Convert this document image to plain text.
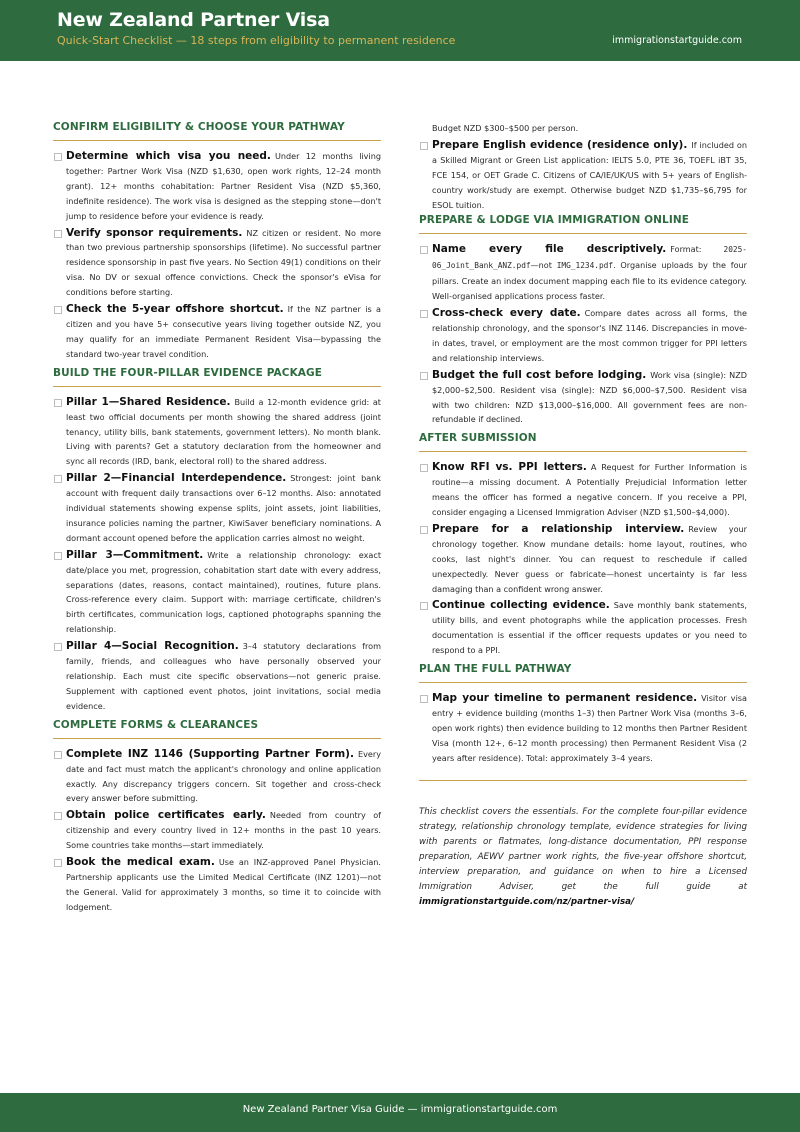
New Zealand Partner Visa
Quick-Start Checklist — 18 steps from eligibility to permanent residence	immigrationstartguide.com
CONFIRM ELIGIBILITY & CHOOSE YOUR PATHWAY
Determine which visa you need. Under 12 months living together: Partner Work Visa (NZD $1,630, open work rights, 12–24 month grant). 12+ months cohabitation: Partner Resident Visa (NZD $5,360, indefinite residence). The work visa is designed as the stepping stone—don't jump to residence before your evidence is ready.
Verify sponsor requirements. NZ citizen or resident. No more than two previous partnership sponsorships (lifetime). No successful partner residence sponsorship in past five years. No Section 49(1) conditions on their visa. No DV or sexual offence convictions. Check the sponsor's eVisa for conditions before starting.
Check the 5-year offshore shortcut. If the NZ partner is a citizen and you have 5+ consecutive years living together outside NZ, you may qualify for an immediate Permanent Resident Visa—bypassing the standard two-year travel condition.
BUILD THE FOUR-PILLAR EVIDENCE PACKAGE
Pillar 1—Shared Residence. Build a 12-month evidence grid: at least two official documents per month showing the shared address (joint tenancy, utility bills, bank statements, government letters). No month blank. Living with parents? Get a statutory declaration from the homeowner and sync all records (IRD, bank, electoral roll) to the shared address.
Pillar 2—Financial Interdependence. Strongest: joint bank account with frequent daily transactions over 6–12 months. Also: annotated individual statements showing expense splits, joint assets, joint liabilities, insurance policies naming the partner, KiwiSaver beneficiary nominations. A dormant account opened before the application carries almost no weight.
Pillar 3—Commitment. Write a relationship chronology: exact date/place you met, progression, cohabitation start date with every address, separations (dates, reasons, contact maintained), routines, future plans. Cross-reference every claim. Support with: marriage certificate, children's birth certificates, communication logs, captioned photographs spanning the relationship.
Pillar 4—Social Recognition. 3–4 statutory declarations from family, friends, and colleagues who have personally observed your relationship. Each must cite specific observations—not generic praise. Supplement with captioned event photos, joint invitations, social media evidence.
COMPLETE FORMS & CLEARANCES
Complete INZ 1146 (Supporting Partner Form). Every date and fact must match the applicant's chronology and online application exactly. Any discrepancy triggers concern. Sit together and cross-check every answer before submitting.
Obtain police certificates early. Needed from country of citizenship and every country lived in 12+ months in the past 10 years. Some countries take months—start immediately.
Book the medical exam. Use an INZ-approved Panel Physician. Partnership applicants use the Limited Medical Certificate (INZ 1201)—not the General. Valid for approximately 3 months, so time it to coincide with lodgement.
Budget NZD $300–$500 per person.
Prepare English evidence (residence only). If included on a Skilled Migrant or Green List application: IELTS 5.0, PTE 36, TOEFL iBT 35, FCE 154, or OET Grade C. Citizens of CA/IE/UK/US with 5+ years of English-country work/study are exempt. Otherwise budget NZD $1,735–$6,795 for ESOL tuition.
PREPARE & LODGE VIA IMMIGRATION ONLINE
Name every file descriptively. Format: 2025-06_Joint_Bank_ANZ.pdf—not IMG_1234.pdf. Organise uploads by the four pillars. Create an index document mapping each file to its evidence category. Well-organised applications process faster.
Cross-check every date. Compare dates across all forms, the relationship chronology, and the sponsor's INZ 1146. Discrepancies in move-in dates, travel, or employment are the most common trigger for PPI letters and relationship interviews.
Budget the full cost before lodging. Work visa (single): NZD $2,000–$2,500. Resident visa (single): NZD $6,000–$7,500. Resident visa with two children: NZD $13,000–$16,000. All government fees are non-refundable if declined.
AFTER SUBMISSION
Know RFI vs. PPI letters. A Request for Further Information is routine—a missing document. A Potentially Prejudicial Information letter means the officer has formed a negative concern. If you receive a PPI, consider engaging a Licensed Immigration Adviser (NZD $1,500–$4,000).
Prepare for a relationship interview. Review your chronology together. Know mundane details: home layout, routines, who cooks, last night's dinner. You can request to reschedule if called unexpectedly. Never guess or fabricate—honest uncertainty is far less damaging than a confident wrong answer.
Continue collecting evidence. Save monthly bank statements, utility bills, and event photographs while the application processes. Fresh documentation is essential if the officer requests updates or you need to respond to a PPI.
PLAN THE FULL PATHWAY
Map your timeline to permanent residence. Visitor visa entry + evidence building (months 1–3) then Partner Work Visa (months 3–6, open work rights) then evidence building to 12 months then Partner Resident Visa (month 12+, 6–12 month processing) then Permanent Resident Visa (2 years after residence). Total: approximately 3–4 years.

This checklist covers the essentials. For the complete four-pillar evidence strategy, relationship chronology template, evidence strategies for living with parents or flatmates, long-distance documentation, PPI response preparation, AEWV partner work rights, the five-year offshore shortcut, interview preparation, and guidance on when to hire a Licensed Immigration Adviser, get the full guide at immigrationstartguide.com/nz/partner-visa/

New Zealand Partner Visa Guide — immigrationstartguide.com
